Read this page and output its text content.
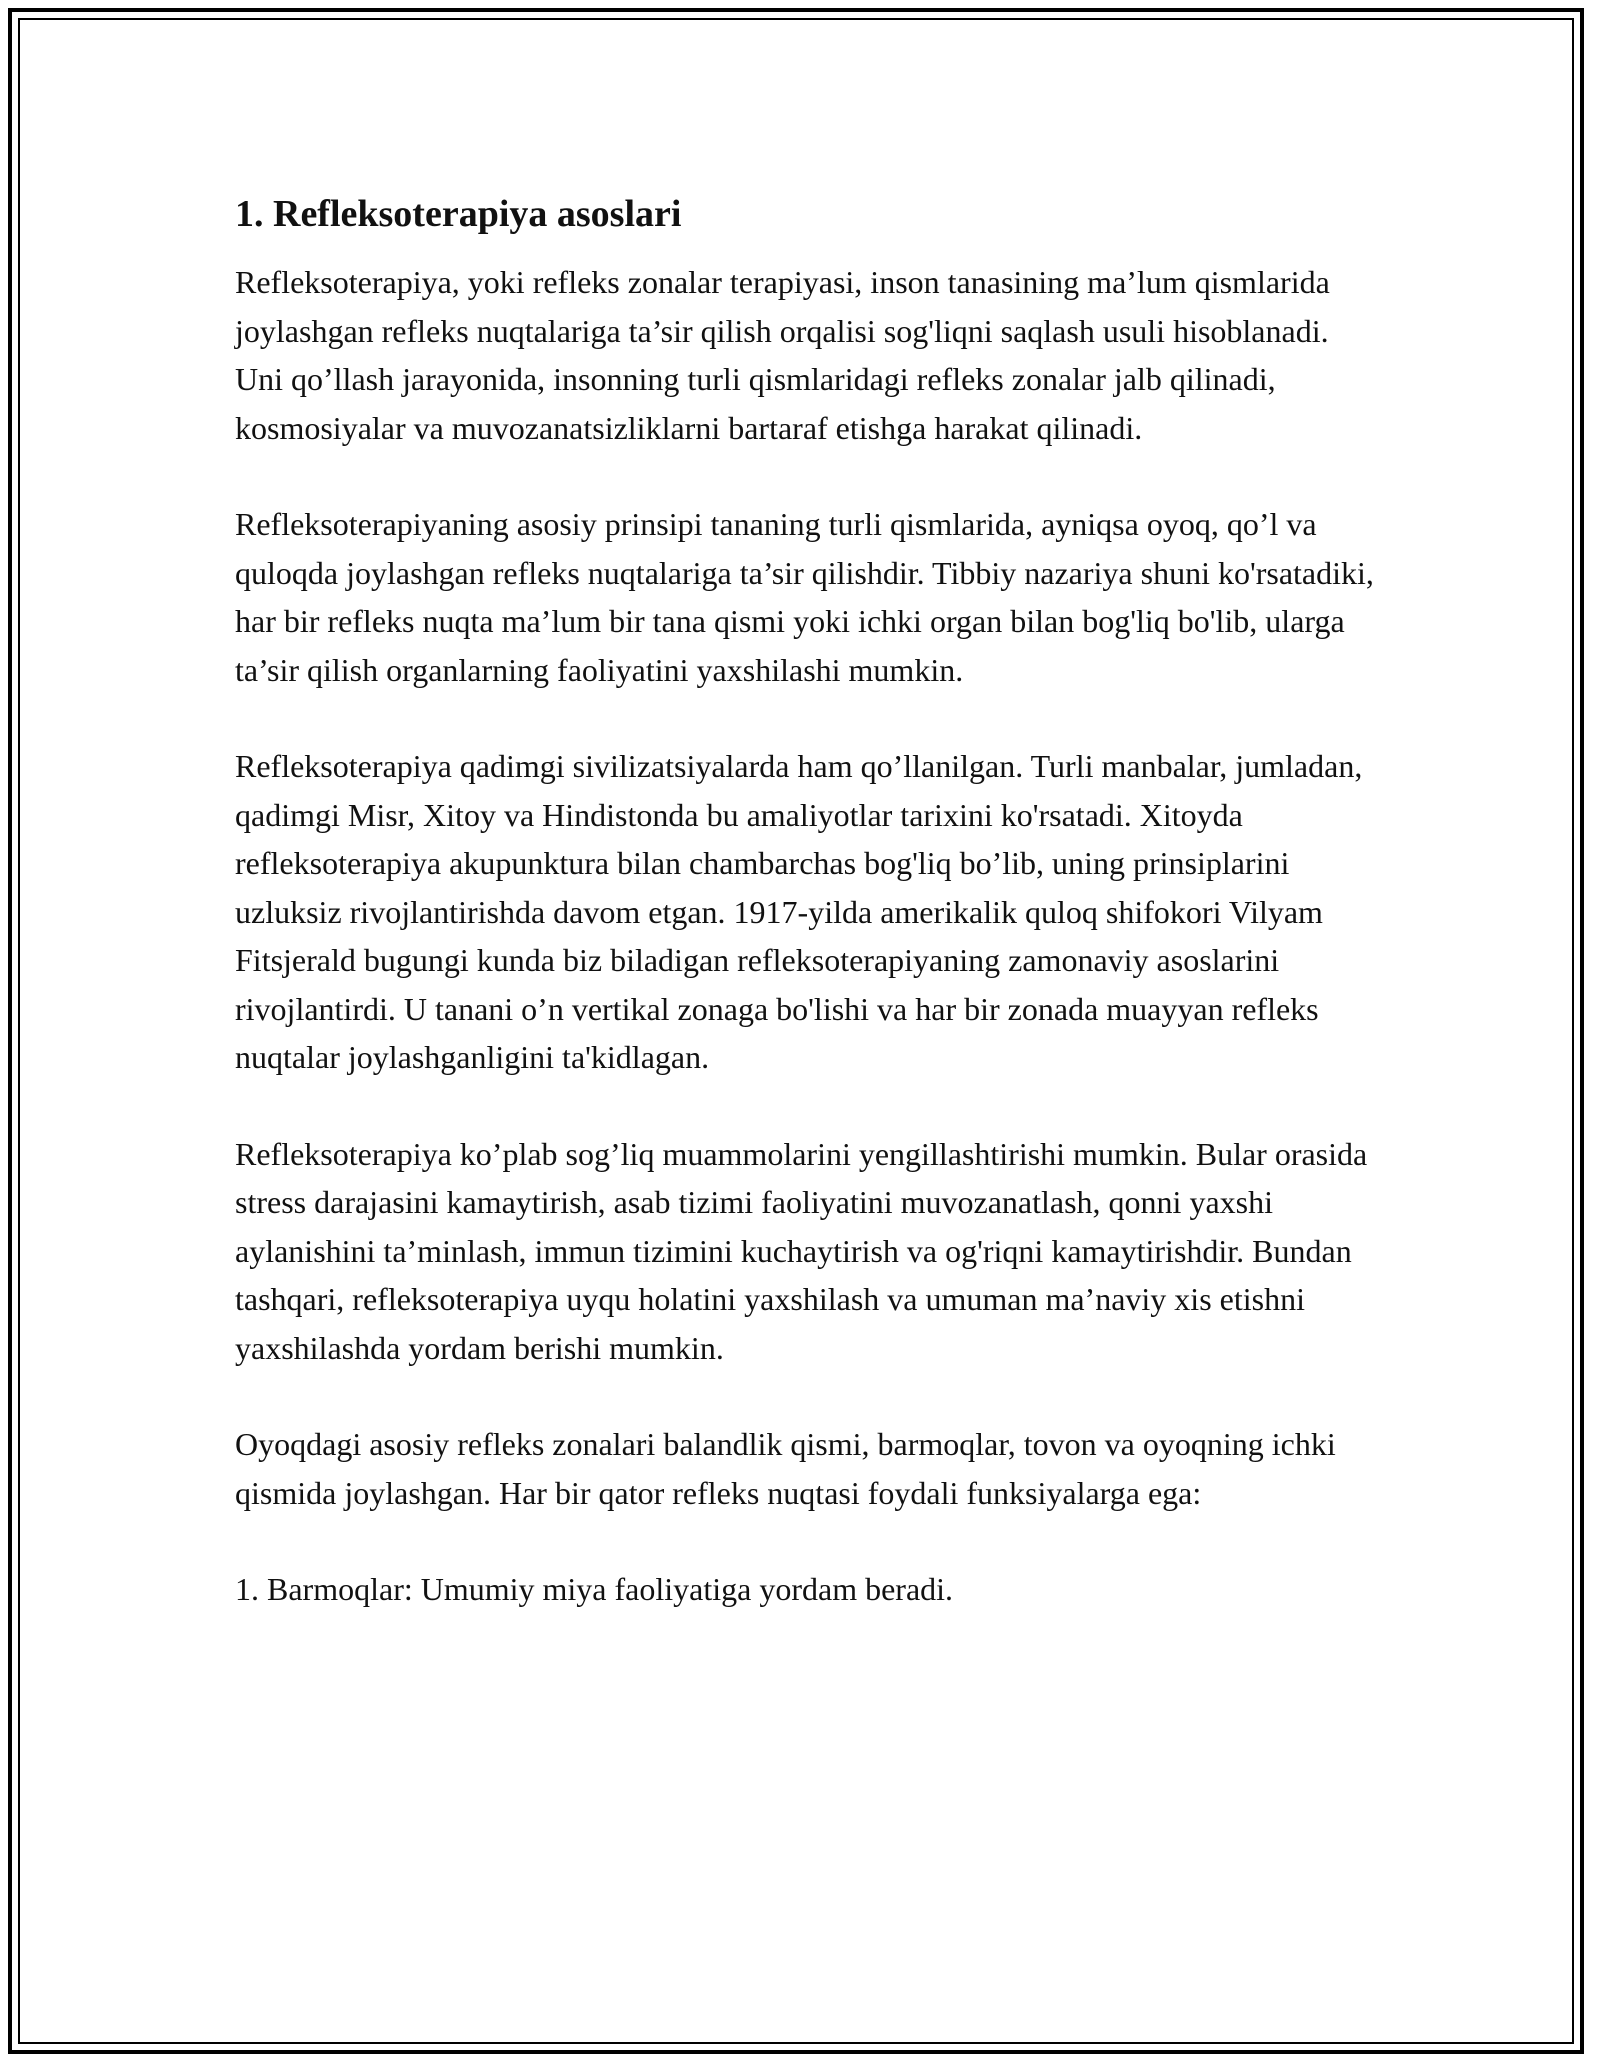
1. Refleksoterapiya asoslari

Refleksoterapiya, yoki refleks zonalar terapiyasi, inson tanasining ma’lum qismlarida joylashgan refleks nuqtalariga ta’sir qilish orqalisi sog'liqni saqlash usuli hisoblanadi. Uni qo’llash jarayonida, insonning turli qismlaridagi refleks zonalar jalb qilinadi, kosmosiyalar va muvozanatsizliklarni bartaraf etishga harakat qilinadi.

Refleksoterapiyaning asosiy prinsipi tananing turli qismlarida, ayniqsa oyoq, qo’l va quloqda joylashgan refleks nuqtalariga ta’sir qilishdir. Tibbiy nazariya shuni ko'rsatadiki, har bir refleks nuqta ma’lum bir tana qismi yoki ichki organ bilan bog'liq bo'lib, ularga ta’sir qilish organlarning faoliyatini yaxshilashi mumkin.

Refleksoterapiya qadimgi sivilizatsiyalarda ham qo’llanilgan. Turli manbalar, jumladan, qadimgi Misr, Xitoy va Hindistonda bu amaliyotlar tarixini ko'rsatadi. Xitoyda refleksoterapiya akupunktura bilan chambarchas bog'liq bo’lib, uning prinsiplarini uzluksiz rivojlantirishda davom etgan. 1917-yilda amerikalik quloq shifokori Vilyam Fitsjerald bugungi kunda biz biladigan refleksoterapiyaning zamonaviy asoslarini rivojlantirdi. U tanani o’n vertikal zonaga bo'lishi va har bir zonada muayyan refleks nuqtalar joylashganligini ta'kidlagan.

Refleksoterapiya ko’plab sog’liq muammolarini yengillashtirishi mumkin. Bular orasida stress darajasini kamaytirish, asab tizimi faoliyatini muvozanatlash, qonni yaxshi aylanishini ta’minlash, immun tizimini kuchaytirish va og'riqni kamaytirishdir. Bundan tashqari, refleksoterapiya uyqu holatini yaxshilash va umuman ma’naviy xis etishni yaxshilashda yordam berishi mumkin.

Oyoqdagi asosiy refleks zonalari balandlik qismi, barmoqlar, tovon va oyoqning ichki qismida joylashgan. Har bir qator refleks nuqtasi foydali funksiyalarga ega:

1. Barmoqlar: Umumiy miya faoliyatiga yordam beradi.
